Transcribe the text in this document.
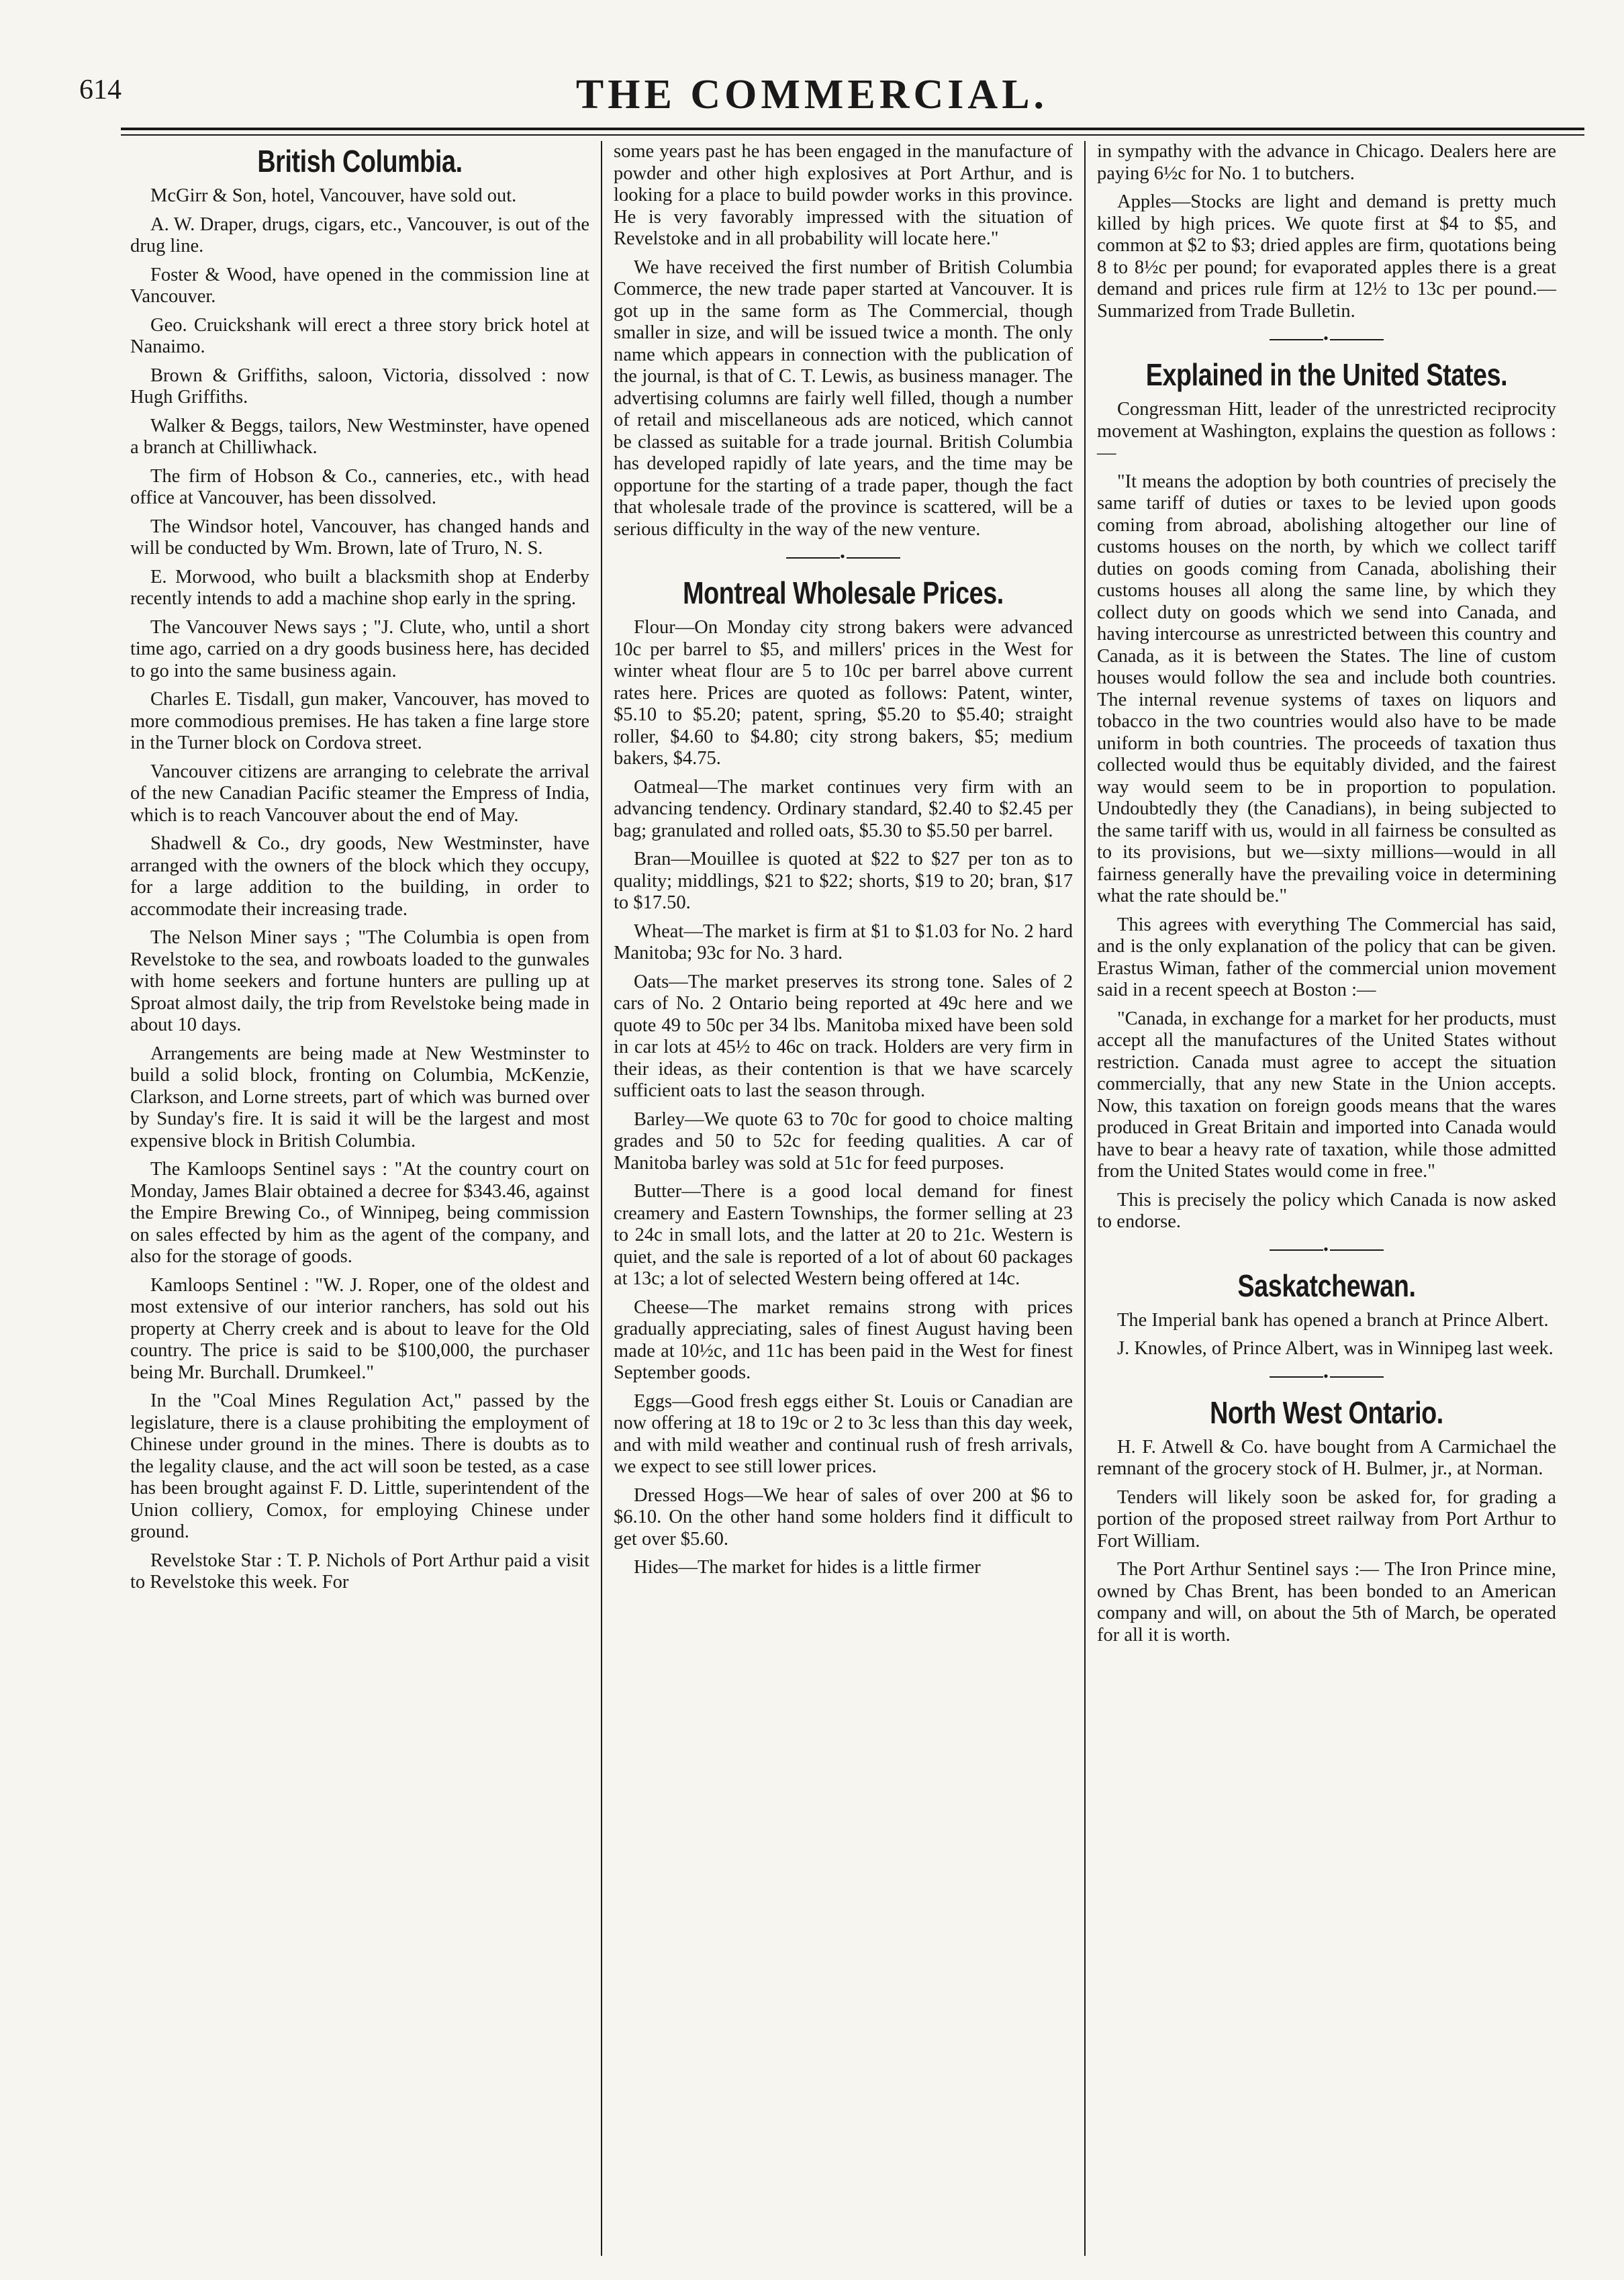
614	THE COMMERCIAL.
British Columbia.

McGirr & Son, hotel, Vancouver, have sold out.

A. W. Draper, drugs, cigars, etc., Vancouver, is out of the drug line.

Foster & Wood, have opened in the commission line at Vancouver.

Geo. Cruickshank will erect a three story brick hotel at Nanaimo.

Brown & Griffiths, saloon, Victoria, dissolved : now Hugh Griffiths.

Walker & Beggs, tailors, New Westminster, have opened a branch at Chilliwhack.

The firm of Hobson & Co., canneries, etc., with head office at Vancouver, has been dissolved.

The Windsor hotel, Vancouver, has changed hands and will be conducted by Wm. Brown, late of Truro, N. S.

E. Morwood, who built a blacksmith shop at Enderby recently intends to add a machine shop early in the spring.

The Vancouver News says ; "J. Clute, who, until a short time ago, carried on a dry goods business here, has decided to go into the same business again.

Charles E. Tisdall, gun maker, Vancouver, has moved to more commodious premises. He has taken a fine large store in the Turner block on Cordova street.

Vancouver citizens are arranging to celebrate the arrival of the new Canadian Pacific steamer the Empress of India, which is to reach Vancouver about the end of May.

Shadwell & Co., dry goods, New Westminster, have arranged with the owners of the block which they occupy, for a large addition to the building, in order to accommodate their increasing trade.

The Nelson Miner says ; "The Columbia is open from Revelstoke to the sea, and rowboats loaded to the gunwales with home seekers and fortune hunters are pulling up at Sproat almost daily, the trip from Revelstoke being made in about 10 days.

Arrangements are being made at New Westminster to build a solid block, fronting on Columbia, McKenzie, Clarkson, and Lorne streets, part of which was burned over by Sunday's fire. It is said it will be the largest and most expensive block in British Columbia.

The Kamloops Sentinel says : "At the country court on Monday, James Blair obtained a decree for $343.46, against the Empire Brewing Co., of Winnipeg, being commission on sales effected by him as the agent of the company, and also for the storage of goods.

Kamloops Sentinel : "W. J. Roper, one of the oldest and most extensive of our interior ranchers, has sold out his property at Cherry creek and is about to leave for the Old country. The price is said to be $100,000, the purchaser being Mr. Burchall. Drumkeel."

In the "Coal Mines Regulation Act," passed by the legislature, there is a clause prohibiting the employment of Chinese under ground in the mines. There is doubts as to the legality clause, and the act will soon be tested, as a case has been brought against F. D. Little, superintendent of the Union colliery, Comox, for employing Chinese under ground.

Revelstoke Star : T. P. Nichols of Port Arthur paid a visit to Revelstoke this week. For

some years past he has been engaged in the manufacture of powder and other high explosives at Port Arthur, and is looking for a place to build powder works in this province. He is very favorably impressed with the situation of Revelstoke and in all probability will locate here."

We have received the first number of British Columbia Commerce, the new trade paper started at Vancouver. It is got up in the same form as The Commercial, though smaller in size, and will be issued twice a month. The only name which appears in connection with the publication of the journal, is that of C. T. Lewis, as business manager. The advertising columns are fairly well filled, though a number of retail and miscellaneous ads are noticed, which cannot be classed as suitable for a trade journal. British Columbia has developed rapidly of late years, and the time may be opportune for the starting of a trade paper, though the fact that wholesale trade of the province is scattered, will be a serious difficulty in the way of the new venture.

•
Montreal Wholesale Prices.

Flour—On Monday city strong bakers were advanced 10c per barrel to $5, and millers' prices in the West for winter wheat flour are 5 to 10c per barrel above current rates here. Prices are quoted as follows: Patent, winter, $5.10 to $5.20; patent, spring, $5.20 to $5.40; straight roller, $4.60 to $4.80; city strong bakers, $5; medium bakers, $4.75.

Oatmeal—The market continues very firm with an advancing tendency. Ordinary standard, $2.40 to $2.45 per bag; granulated and rolled oats, $5.30 to $5.50 per barrel.

Bran—Mouillee is quoted at $22 to $27 per ton as to quality; middlings, $21 to $22; shorts, $19 to 20; bran, $17 to $17.50.

Wheat—The market is firm at $1 to $1.03 for No. 2 hard Manitoba; 93c for No. 3 hard.

Oats—The market preserves its strong tone. Sales of 2 cars of No. 2 Ontario being reported at 49c here and we quote 49 to 50c per 34 lbs. Manitoba mixed have been sold in car lots at 45½ to 46c on track. Holders are very firm in their ideas, as their contention is that we have scarcely sufficient oats to last the season through.

Barley—We quote 63 to 70c for good to choice malting grades and 50 to 52c for feeding qualities. A car of Manitoba barley was sold at 51c for feed purposes.

Butter—There is a good local demand for finest creamery and Eastern Townships, the former selling at 23 to 24c in small lots, and the latter at 20 to 21c. Western is quiet, and the sale is reported of a lot of about 60 packages at 13c; a lot of selected Western being offered at 14c.

Cheese—The market remains strong with prices gradually appreciating, sales of finest August having been made at 10½c, and 11c has been paid in the West for finest September goods.

Eggs—Good fresh eggs either St. Louis or Canadian are now offering at 18 to 19c or 2 to 3c less than this day week, and with mild weather and continual rush of fresh arrivals, we expect to see still lower prices.

Dressed Hogs—We hear of sales of over 200 at $6 to $6.10. On the other hand some holders find it difficult to get over $5.60.

Hides—The market for hides is a little firmer

in sympathy with the advance in Chicago. Dealers here are paying 6½c for No. 1 to butchers.

Apples—Stocks are light and demand is pretty much killed by high prices. We quote first at $4 to $5, and common at $2 to $3; dried apples are firm, quotations being 8 to 8½c per pound; for evaporated apples there is a great demand and prices rule firm at 12½ to 13c per pound.—Summarized from Trade Bulletin.

•
Explained in the United States.

Congressman Hitt, leader of the unrestricted reciprocity movement at Washington, explains the question as follows :—

"It means the adoption by both countries of precisely the same tariff of duties or taxes to be levied upon goods coming from abroad, abolishing altogether our line of customs houses on the north, by which we collect tariff duties on goods coming from Canada, abolishing their customs houses all along the same line, by which they collect duty on goods which we send into Canada, and having intercourse as unrestricted between this country and Canada, as it is between the States. The line of custom houses would follow the sea and include both countries. The internal revenue systems of taxes on liquors and tobacco in the two countries would also have to be made uniform in both countries. The proceeds of taxation thus collected would thus be equitably divided, and the fairest way would seem to be in proportion to population. Undoubtedly they (the Canadians), in being subjected to the same tariff with us, would in all fairness be consulted as to its provisions, but we—sixty millions—would in all fairness generally have the prevailing voice in determining what the rate should be."

This agrees with everything The Commercial has said, and is the only explanation of the policy that can be given. Erastus Wiman, father of the commercial union movement said in a recent speech at Boston :—

"Canada, in exchange for a market for her products, must accept all the manufactures of the United States without restriction. Canada must agree to accept the situation commercially, that any new State in the Union accepts. Now, this taxation on foreign goods means that the wares produced in Great Britain and imported into Canada would have to bear a heavy rate of taxation, while those admitted from the United States would come in free."

This is precisely the policy which Canada is now asked to endorse.

•
Saskatchewan.

The Imperial bank has opened a branch at Prince Albert.

J. Knowles, of Prince Albert, was in Winnipeg last week.

•
North West Ontario.

H. F. Atwell & Co. have bought from A Carmichael the remnant of the grocery stock of H. Bulmer, jr., at Norman.

Tenders will likely soon be asked for, for grading a portion of the proposed street railway from Port Arthur to Fort William.

The Port Arthur Sentinel says :— The Iron Prince mine, owned by Chas Brent, has been bonded to an American company and will, on about the 5th of March, be operated for all it is worth.
